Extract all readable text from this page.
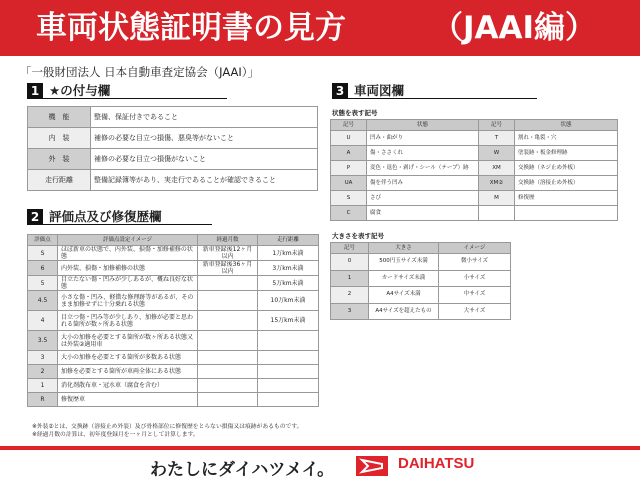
車両状態証明書の見方	（JAAI編）
「一般財団法人 日本自動車査定協会（JAAI）」
1 ★の付与欄
機　能	整備、保証付きであること
内　装	補修の必要な目立つ損傷、悪臭等がないこと
外　装	補修の必要な目立つ損傷がないこと
走行距離	整備記録簿等があり、実走行であることが確認できること
2 評価点及び修復歴欄
評価点	評価点設定イメージ	経過月数	走行距離
S	ほぼ新車の状態で、内外装、損傷・加修補修の状態	新車登録後12ヶ月以内	1万km未満
6	内外装、損傷・加修補修の状態	新車登録後36ヶ月以内	3万km未満
5	目立たない傷・凹みが少しあるが、概ね良好な状態		5万km未満
4.5	小さな傷・凹み、軽微な修理跡等があるが、そのまま加修せずに十分乗れる状態		10万km未満
4	目立つ傷・凹み等が少しあり、加修が必要と思われる箇所が数ヶ所ある状態		15万km未満
3.5	大小の加修を必要とする箇所が数ヶ所ある状態又は外装②適用車		
3	大小の加修を必要とする箇所が多数ある状態		
2	加修を必要とする箇所が車両全体にある状態		
1	消化剤散布車・冠水車（腐食を含む）		
R	修復歴車		
3 車両図欄
状態を表す記号
記号	状態	記号	状態
U	凹み・曲がり	T	割れ・亀裂・穴
A	傷・ささくれ	W	塗装跡・板金修理跡
P	変色・退色・剥げ・シール（テープ）跡	XM	交換跡（ネジ止め外板）
UA	傷を伴う凹み	XM②	交換跡（溶接止め外板）
S	さび	M	修復歴
C	腐食		
大きさを表す記号
記号	大きさ	イメージ
0	500円玉サイズ未満	微小サイズ
1	カードサイズ未満	小サイズ
2	A4サイズ未満	中サイズ
3	A4サイズを超えたもの	大サイズ
※外装②とは、交換跡（溶接止め外装）及び骨格部位に修復歴をとらない損傷又は痕跡があるものです。
※経過月数の計算は、初年度登録月を一ヶ月として計算します。
わたしにダイハツメイ。	DAIHATSU
